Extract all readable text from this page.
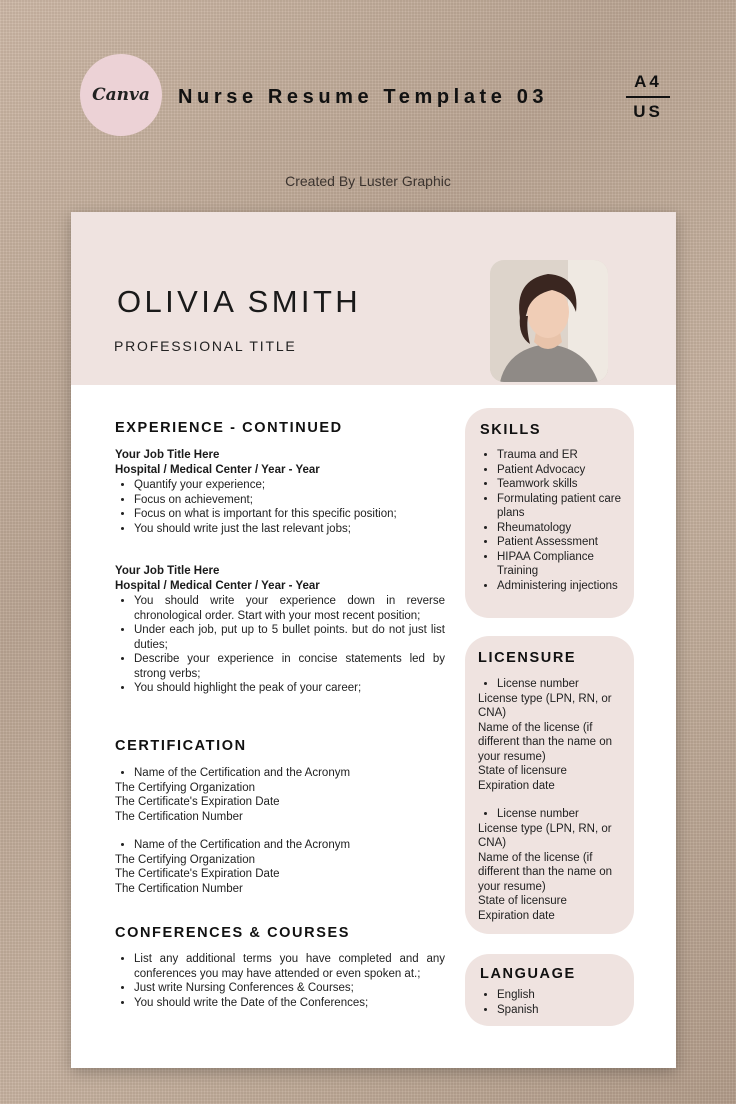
Canva Nurse Resume Template 03
A4
US
Created By Luster Graphic
OLIVIA SMITH
PROFESSIONAL TITLE
EXPERIENCE - CONTINUED
Your Job Title Here
Hospital / Medical Center / Year - Year
• Quantify your experience;
• Focus on achievement;
• Focus on what is important for this specific position;
• You should write just the last relevant jobs;
Your Job Title Here
Hospital / Medical Center / Year - Year
• You should write your experience down in reverse chronological order. Start with your most recent position;
• Under each job, put up to 5 bullet points. but do not just list duties;
• Describe your experience in concise statements led by strong verbs;
• You should highlight the peak of your career;
CERTIFICATION
• Name of the Certification and the Acronym
The Certifying Organization
The Certificate's Expiration Date
The Certification Number
• Name of the Certification and the Acronym
The Certifying Organization
The Certificate's Expiration Date
The Certification Number
CONFERENCES & COURSES
• List any additional terms you have completed and any conferences you may have attended or even spoken at.;
• Just write Nursing Conferences & Courses;
• You should write the Date of the Conferences;
SKILLS
• Trauma and ER
• Patient Advocacy
• Teamwork skills
• Formulating patient care plans
• Rheumatology
• Patient Assessment
• HIPAA Compliance Training
• Administering injections
LICENSURE
• License number
License type (LPN, RN, or CNA)
Name of the license (if different than the name on your resume)
State of licensure
Expiration date
• License number
License type (LPN, RN, or CNA)
Name of the license (if different than the name on your resume)
State of licensure
Expiration date
LANGUAGE
• English
• Spanish
